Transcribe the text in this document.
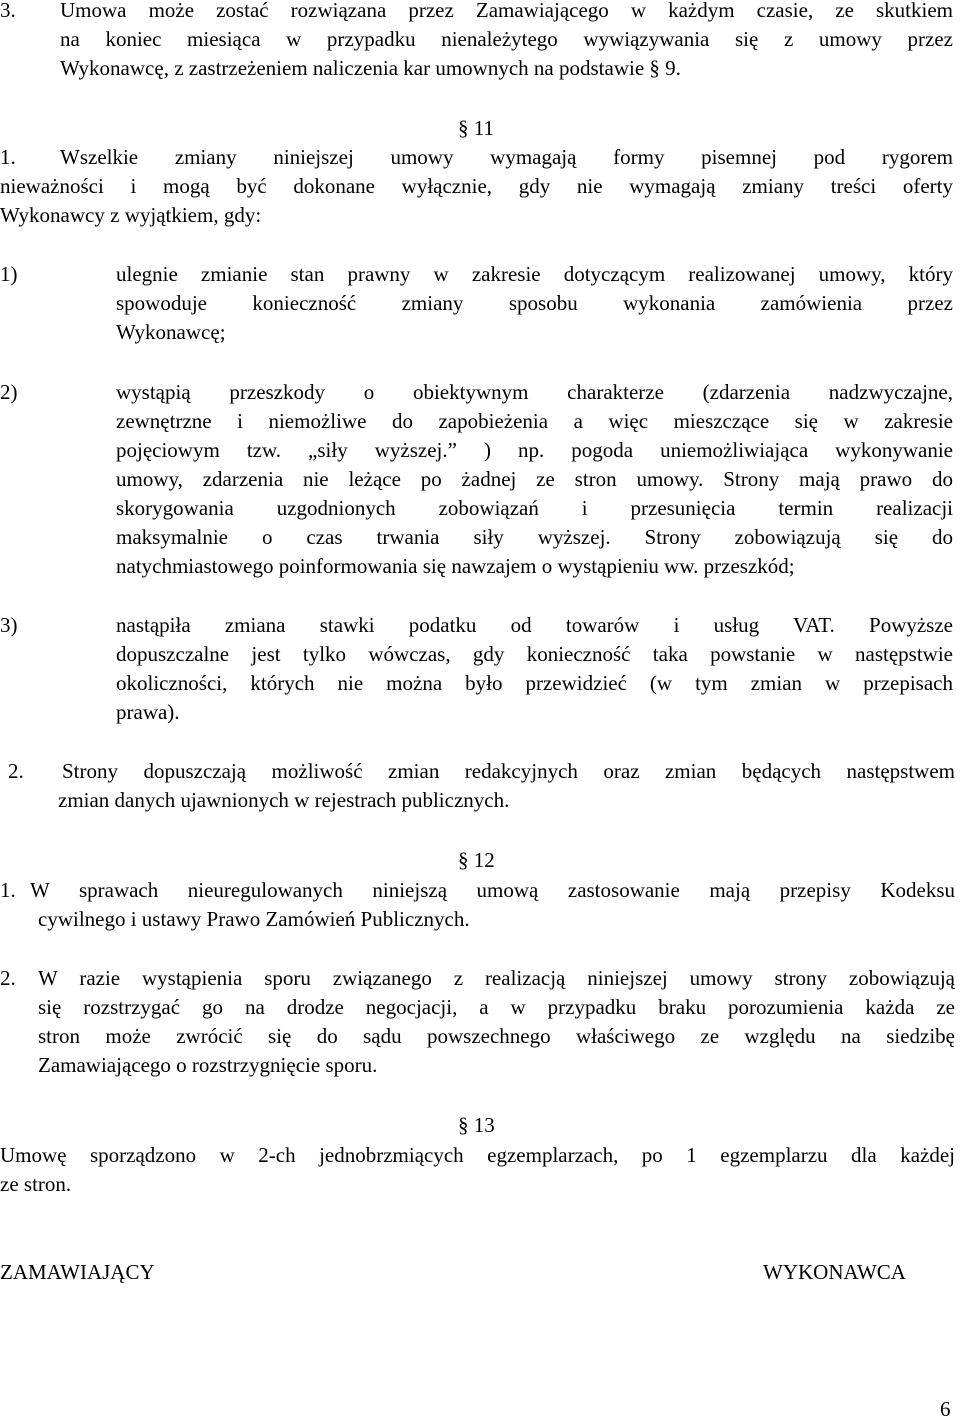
3. Umowa może zostać rozwiązana przez Zamawiającego w każdym czasie, ze skutkiem
na koniec miesiąca w przypadku nienależytego wywiązywania się z umowy przez
Wykonawcę, z zastrzeżeniem naliczenia kar umownych na podstawie § 9.
§ 11
1. Wszelkie zmiany niniejszej umowy wymagają formy pisemnej pod rygorem
nieważności i mogą być dokonane wyłącznie, gdy nie wymagają zmiany treści oferty
Wykonawcy z wyjątkiem, gdy:
1)	ulegnie zmianie stan prawny w zakresie dotyczącym realizowanej umowy, który
spowoduje konieczność zmiany sposobu wykonania zamówienia przez
Wykonawcę;
2)	wystąpią przeszkody o obiektywnym charakterze (zdarzenia nadzwyczajne,
zewnętrzne i niemożliwe do zapobieżenia a więc mieszczące się w zakresie
pojęciowym tzw. „siły wyższej.” ) np. pogoda uniemożliwiająca wykonywanie
umowy, zdarzenia nie leżące po żadnej ze stron umowy. Strony mają prawo do
skorygowania uzgodnionych zobowiązań i przesunięcia termin realizacji
maksymalnie o czas trwania siły wyższej. Strony zobowiązują się do
natychmiastowego poinformowania się nawzajem o wystąpieniu ww. przeszkód;
3)	nastąpiła zmiana stawki podatku od towarów i usług VAT. Powyższe
dopuszczalne jest tylko wówczas, gdy konieczność taka powstanie w następstwie
okoliczności, których nie można było przewidzieć (w tym zmian w przepisach
prawa).
2. Strony dopuszczają możliwość zmian redakcyjnych oraz zmian będących następstwem
zmian danych ujawnionych w rejestrach publicznych.
§ 12
1. W sprawach nieuregulowanych niniejszą umową zastosowanie mają przepisy Kodeksu
cywilnego i ustawy Prawo Zamówień Publicznych.
2. W razie wystąpienia sporu związanego z realizacją niniejszej umowy strony zobowiązują
się rozstrzygać go na drodze negocjacji, a w przypadku braku porozumienia każda ze
stron może zwrócić się do sądu powszechnego właściwego ze względu na siedzibę
Zamawiającego o rozstrzygnięcie sporu.
§ 13
Umowę sporządzono w 2-ch jednobrzmiących egzemplarzach, po 1 egzemplarzu dla każdej
ze stron.
ZAMAWIAJĄCY	WYKONAWCA
6
